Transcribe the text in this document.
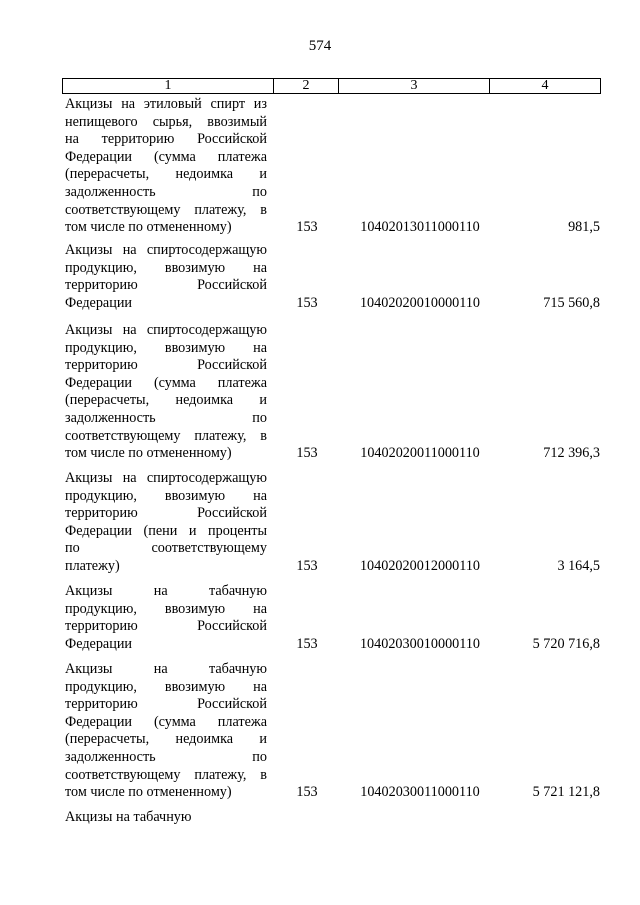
574
1	2	3	4
Акцизы на этиловый спирт из
непищевого сырья, ввозимый
на территорию Российской
Федерации (сумма платежа
(перерасчеты, недоимка и
задолженность по
соответствующему платежу, в
том числе по отмененному)	153	10402013011000110	981,5
Акцизы на спиртосодержащую
продукцию, ввозимую на
территорию Российской
Федерации	153	10402020010000110	715 560,8
Акцизы на спиртосодержащую
продукцию, ввозимую на
территорию Российской
Федерации (сумма платежа
(перерасчеты, недоимка и
задолженность по
соответствующему платежу, в
том числе по отмененному)	153	10402020011000110	712 396,3
Акцизы на спиртосодержащую
продукцию, ввозимую на
территорию Российской
Федерации (пени и проценты
по соответствующему
платежу)	153	10402020012000110	3 164,5
Акцизы на табачную
продукцию, ввозимую на
территорию Российской
Федерации	153	10402030010000110	5 720 716,8
Акцизы на табачную
продукцию, ввозимую на
территорию Российской
Федерации (сумма платежа
(перерасчеты, недоимка и
задолженность по
соответствующему платежу, в
том числе по отмененному)	153	10402030011000110	5 721 121,8
Акцизы на табачную
